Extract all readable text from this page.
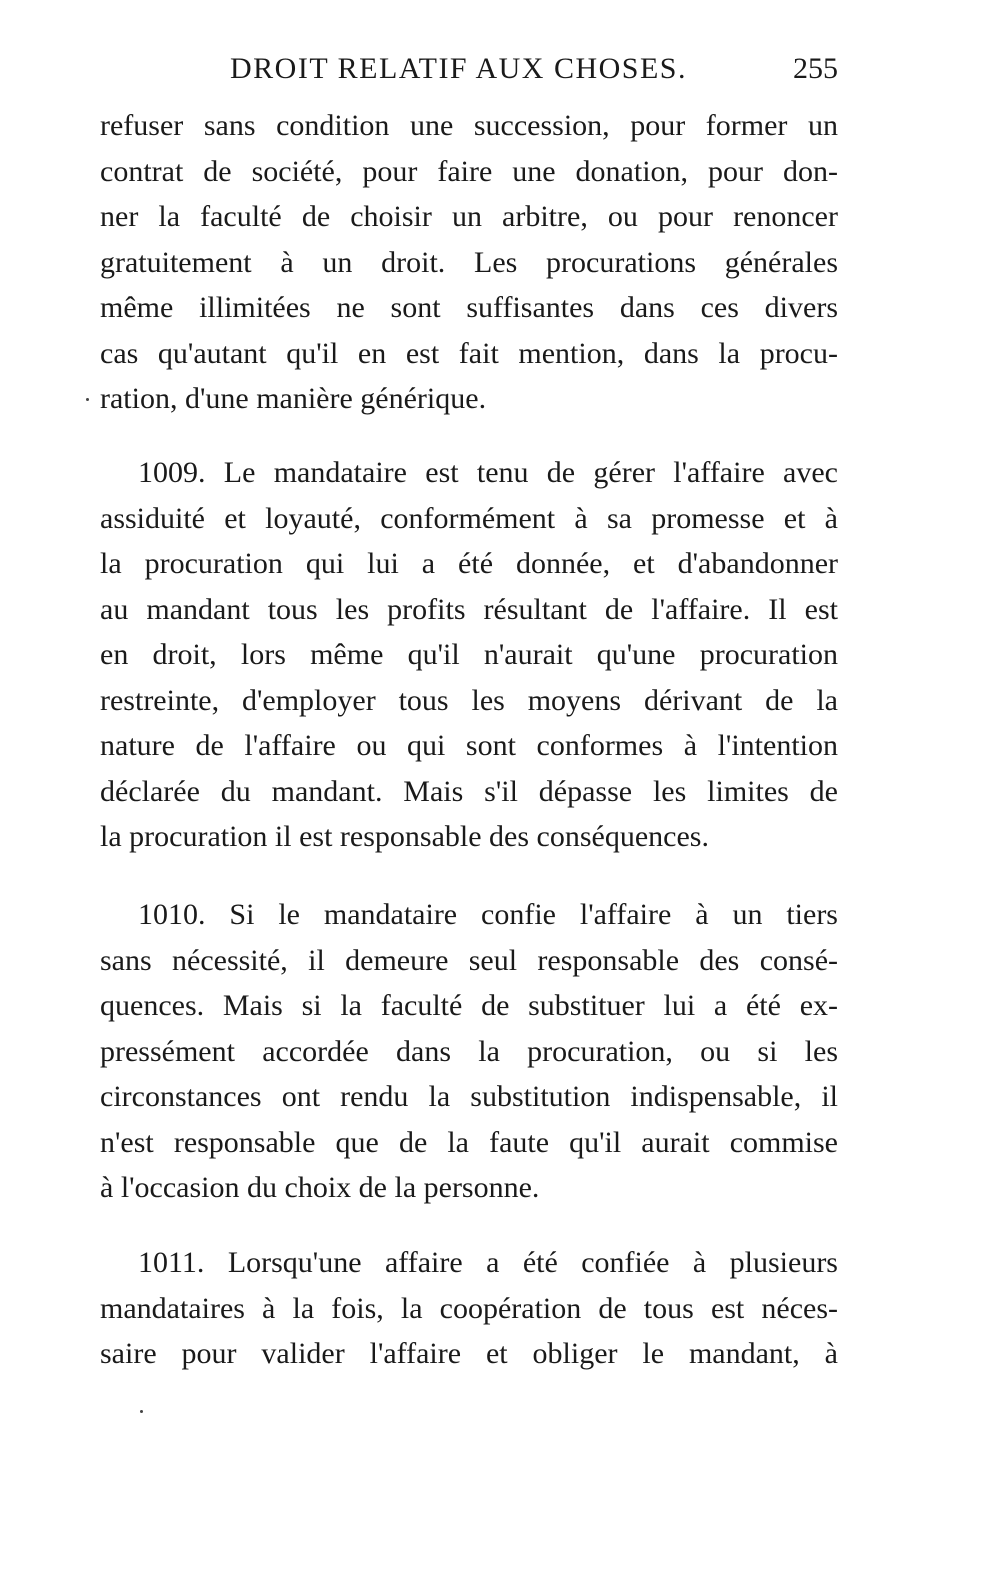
DROIT RELATIF AUX CHOSES.	255
refuser sans condition une succession, pour former un
contrat de société, pour faire une donation, pour don-
ner la faculté de choisir un arbitre, ou pour renoncer
gratuitement à un droit. Les procurations générales
même illimitées ne sont suffisantes dans ces divers
cas qu'autant qu'il en est fait mention, dans la procu-
ration, d'une manière générique.
1009. Le mandataire est tenu de gérer l'affaire avec
assiduité et loyauté, conformément à sa promesse et à
la procuration qui lui a été donnée, et d'abandonner
au mandant tous les profits résultant de l'affaire. Il est
en droit, lors même qu'il n'aurait qu'une procuration
restreinte, d'employer tous les moyens dérivant de la
nature de l'affaire ou qui sont conformes à l'intention
déclarée du mandant. Mais s'il dépasse les limites de
la procuration il est responsable des conséquences.
1010. Si le mandataire confie l'affaire à un tiers
sans nécessité, il demeure seul responsable des consé-
quences. Mais si la faculté de substituer lui a été ex-
pressément accordée dans la procuration, ou si les
circonstances ont rendu la substitution indispensable, il
n'est responsable que de la faute qu'il aurait commise
à l'occasion du choix de la personne.
1011. Lorsqu'une affaire a été confiée à plusieurs
mandataires à la fois, la coopération de tous est néces-
saire pour valider l'affaire et obliger le mandant, à
